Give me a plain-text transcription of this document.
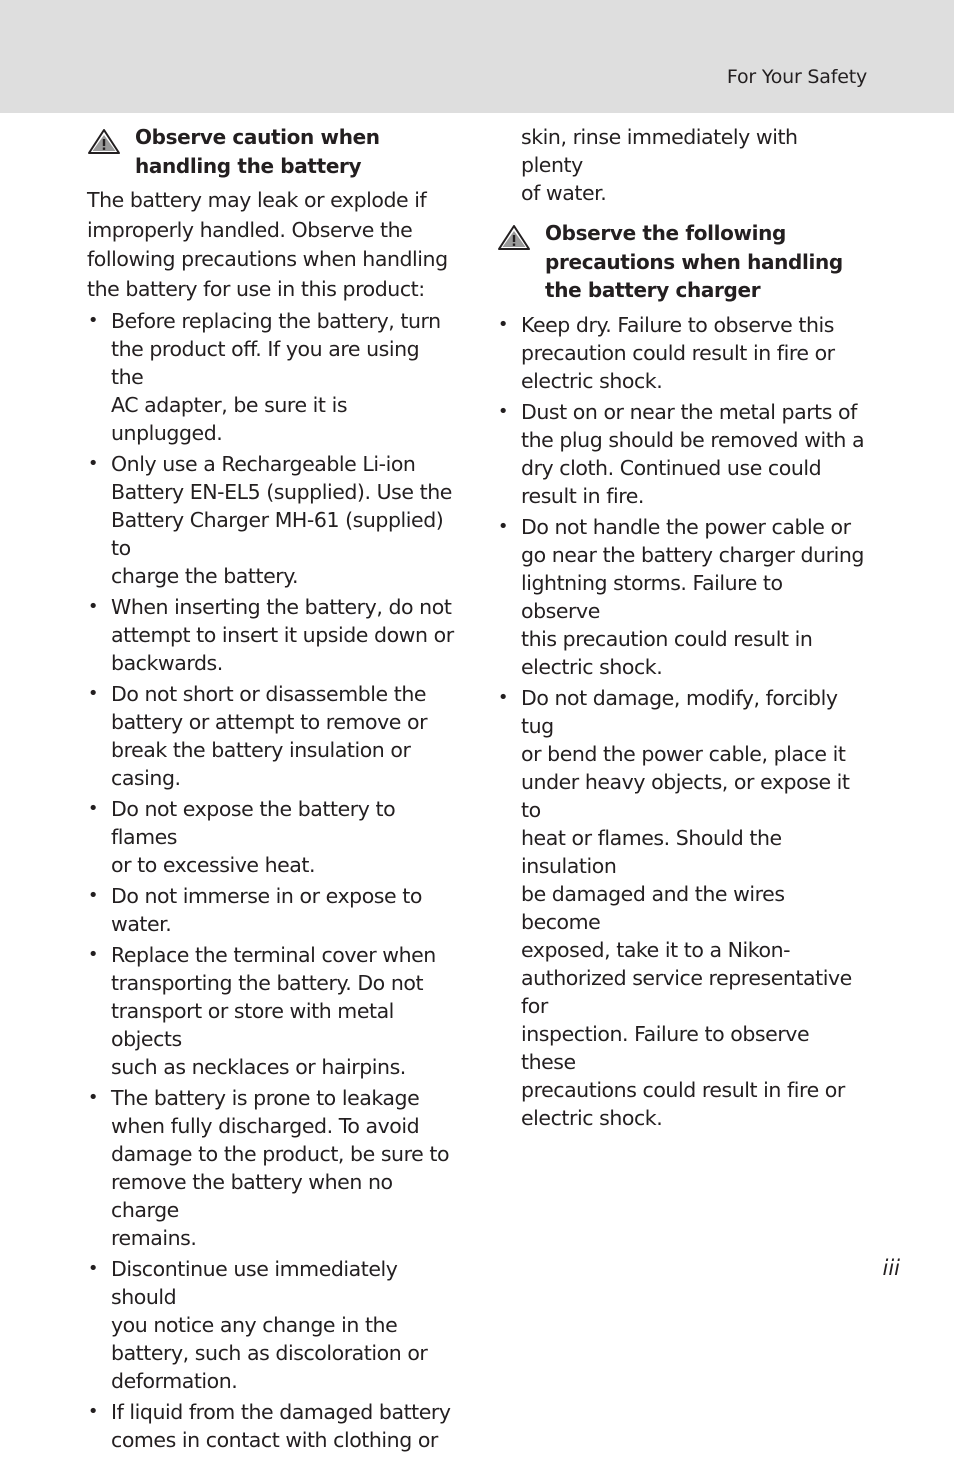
For Your Safety
Observe caution when
handling the battery

The battery may leak or explode if
improperly handled. Observe the
following precautions when handling
the battery for use in this product:

• Before replacing the battery, turn
the product off. If you are using the
AC adapter, be sure it is unplugged.
• Only use a Rechargeable Li-ion
Battery EN-EL5 (supplied). Use the
Battery Charger MH-61 (supplied) to
charge the battery.
• When inserting the battery, do not
attempt to insert it upside down or
backwards.
• Do not short or disassemble the
battery or attempt to remove or
break the battery insulation or
casing.
• Do not expose the battery to flames
or to excessive heat.
• Do not immerse in or expose to
water.
• Replace the terminal cover when
transporting the battery. Do not
transport or store with metal objects
such as necklaces or hairpins.
• The battery is prone to leakage
when fully discharged. To avoid
damage to the product, be sure to
remove the battery when no charge
remains.
• Discontinue use immediately should
you notice any change in the
battery, such as discoloration or
deformation.
• If liquid from the damaged battery
comes in contact with clothing or

skin, rinse immediately with plenty
of water.

Observe the following
precautions when handling
the battery charger
• Keep dry. Failure to observe this
precaution could result in fire or
electric shock.
• Dust on or near the metal parts of
the plug should be removed with a
dry cloth. Continued use could
result in fire.
• Do not handle the power cable or
go near the battery charger during
lightning storms. Failure to observe
this precaution could result in
electric shock.
• Do not damage, modify, forcibly tug
or bend the power cable, place it
under heavy objects, or expose it to
heat or flames. Should the insulation
be damaged and the wires become
exposed, take it to a Nikon-
authorized service representative for
inspection. Failure to observe these
precautions could result in fire or
electric shock.
iii
